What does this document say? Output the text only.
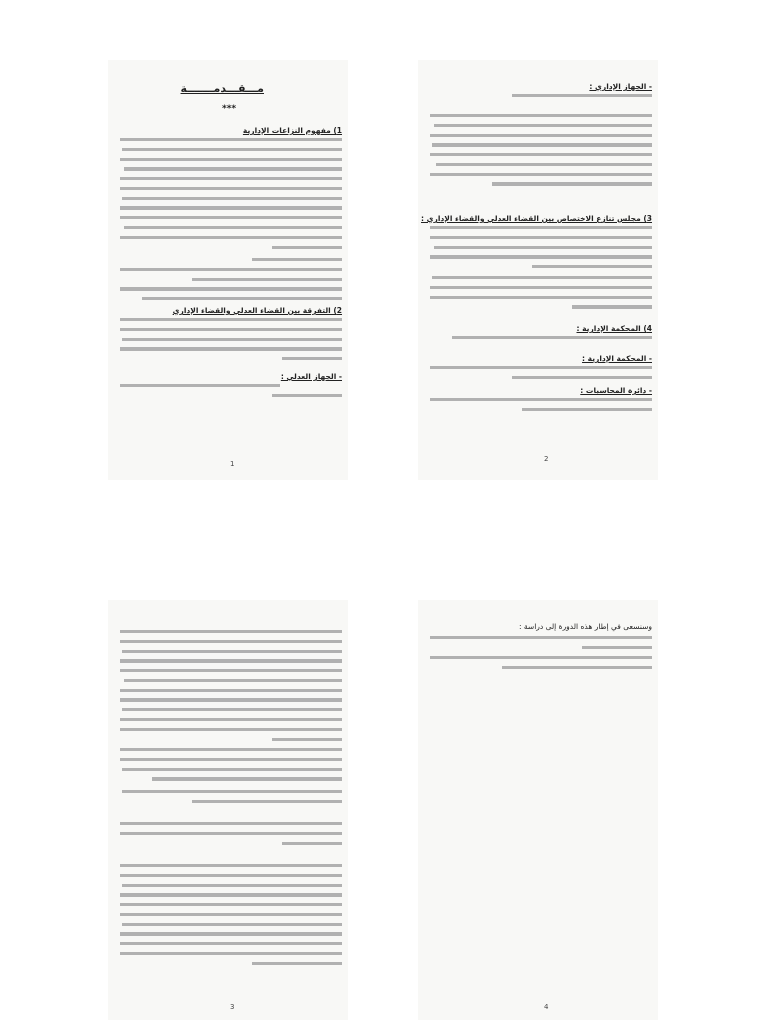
- الجهاز الإداري :
3) مجلس تنازع الاختصاص بين القضاء العدلي والقضاء الإداري :
4) المحكمة الإدارية :
- المحكمة الإدارية :
- دائرة المحاسبات :
2
مـــقـــدمـــــــة
***
1) مفهوم النزاعات الإدارية
2) التفرقة بين القضاء العدلي والقضاء الإداري
- الجهاز العدلي :
1
3
وسنسعى في إطار هذه الدورة إلى دراسة :
4
